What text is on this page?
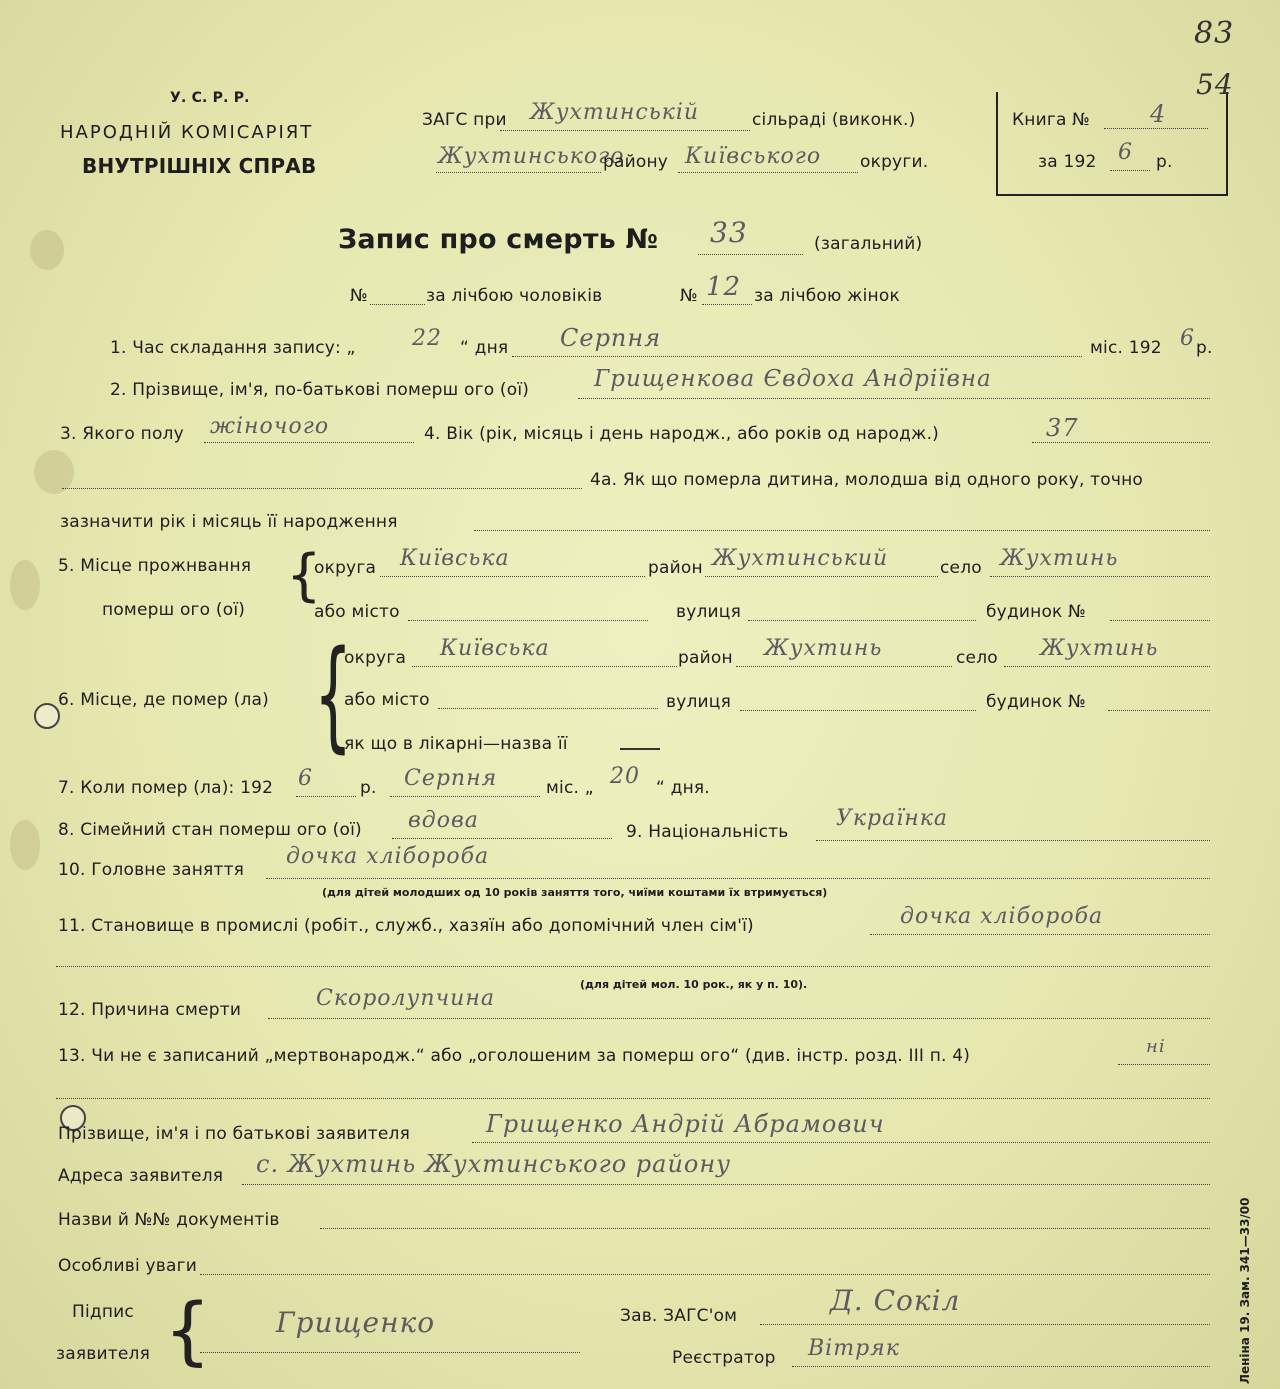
У. С. Р. Р.
НАРОДНІЙ КОМІСАРІЯТ
ВНУТРІШНІХ СПРАВ
ЗАГС при Жухтинській	сільраді (виконк.)
Жухтинського
району Київського округи.
Книга № 4
за 192 6 р.
83
54
Запис про смерть № 33	(загальний)
№	за лічбою чоловіків	№ 12 за лічбою жінок
1. Час складання запису: „	22 “ дня Серпня	міс. 192 6 р.
2. Прізвище, ім'я, по-батькові померш ого (ої)	Грищенкова Євдоха Андріївна
3. Якого полу жіночого	4. Вік (рік, місяць і день народж., або років од народж.)	37
4а. Як що померла дитина, молодша від одного року, точно
зазначити рік і місяць її народження
5. Місце прожнвання
померш ого (ої)
{
округа Київська	район Жухтинський	село Жухтинь
або місто	вулиця	будинок №
{
6. Місце, де помер (ла)
округа Київська	район Жухтинь	село Жухтинь
або місто	вулиця	будинок №
як що в лікарні—назва її
7. Коли помер (ла): 192 6	р. Серпня	міс. „ 20 “ дня.
8. Сімейний стан померш ого (ої) вдова	9. Національність
Українка
10. Головне заняття
дочка хлібороба
(для дітей молодших од 10 років заняття того, чиїми коштами їх втримується)
11. Становище в промислі (робіт., служб., хазяїн або допомічний член сім'ї)	дочка хлібороба
(для дітей мол. 10 рок., як у п. 10).
12. Причина смерти	Скоролупчина
13. Чи не є записаний „мертвонародж.“ або „оголошеним за померш ого“ (див. інстр. розд. III п. 4)	ні
Прізвище, ім'я і по батькові заявителя	Грищенко Андрій Абрамович
Адреса заявителя с. Жухтинь Жухтинського району
Назви й №№ документів
Особливі уваги
Підпис
заявителя { Грищенко	Зав. ЗАГС'ом	Д. Сокіл
Реєстратор Вітряк	Леніна 19. Зам. 341—33/00
